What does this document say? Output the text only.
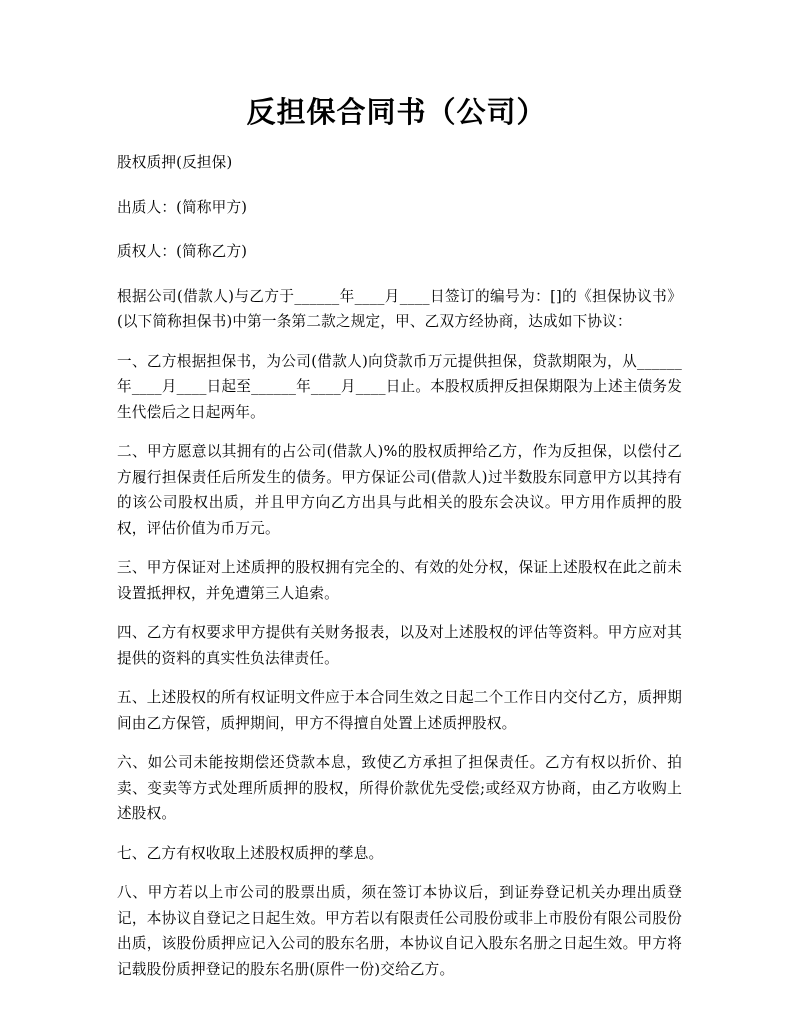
反担保合同书（公司）

股权质押(反担保)

出质人：(简称甲方)

质权人：(简称乙方)

根据公司(借款人)与乙方于______年____月____日签订的编号为：[]的《担保协议书》(以下简称担保书)中第一条第二款之规定，甲、乙双方经协商，达成如下协议：

一、乙方根据担保书，为公司(借款人)向贷款币万元提供担保，贷款期限为，从______年____月____日起至______年____月____日止。本股权质押反担保期限为上述主债务发生代偿后之日起两年。

二、甲方愿意以其拥有的占公司(借款人)%的股权质押给乙方，作为反担保，以偿付乙方履行担保责任后所发生的债务。甲方保证公司(借款人)过半数股东同意甲方以其持有的该公司股权出质，并且甲方向乙方出具与此相关的股东会决议。甲方用作质押的股权，评估价值为币万元。

三、甲方保证对上述质押的股权拥有完全的、有效的处分权，保证上述股权在此之前未设置抵押权，并免遭第三人追索。

四、乙方有权要求甲方提供有关财务报表，以及对上述股权的评估等资料。甲方应对其提供的资料的真实性负法律责任。

五、上述股权的所有权证明文件应于本合同生效之日起二个工作日内交付乙方，质押期间由乙方保管，质押期间，甲方不得擅自处置上述质押股权。

六、如公司未能按期偿还贷款本息，致使乙方承担了担保责任。乙方有权以折价、拍卖、变卖等方式处理所质押的股权，所得价款优先受偿;或经双方协商，由乙方收购上述股权。

七、乙方有权收取上述股权质押的孳息。

八、甲方若以上市公司的股票出质，须在签订本协议后，到证券登记机关办理出质登记，本协议自登记之日起生效。甲方若以有限责任公司股份或非上市股份有限公司股份出质，该股份质押应记入公司的股东名册，本协议自记入股东名册之日起生效。甲方将记载股份质押登记的股东名册(原件一份)交给乙方。
